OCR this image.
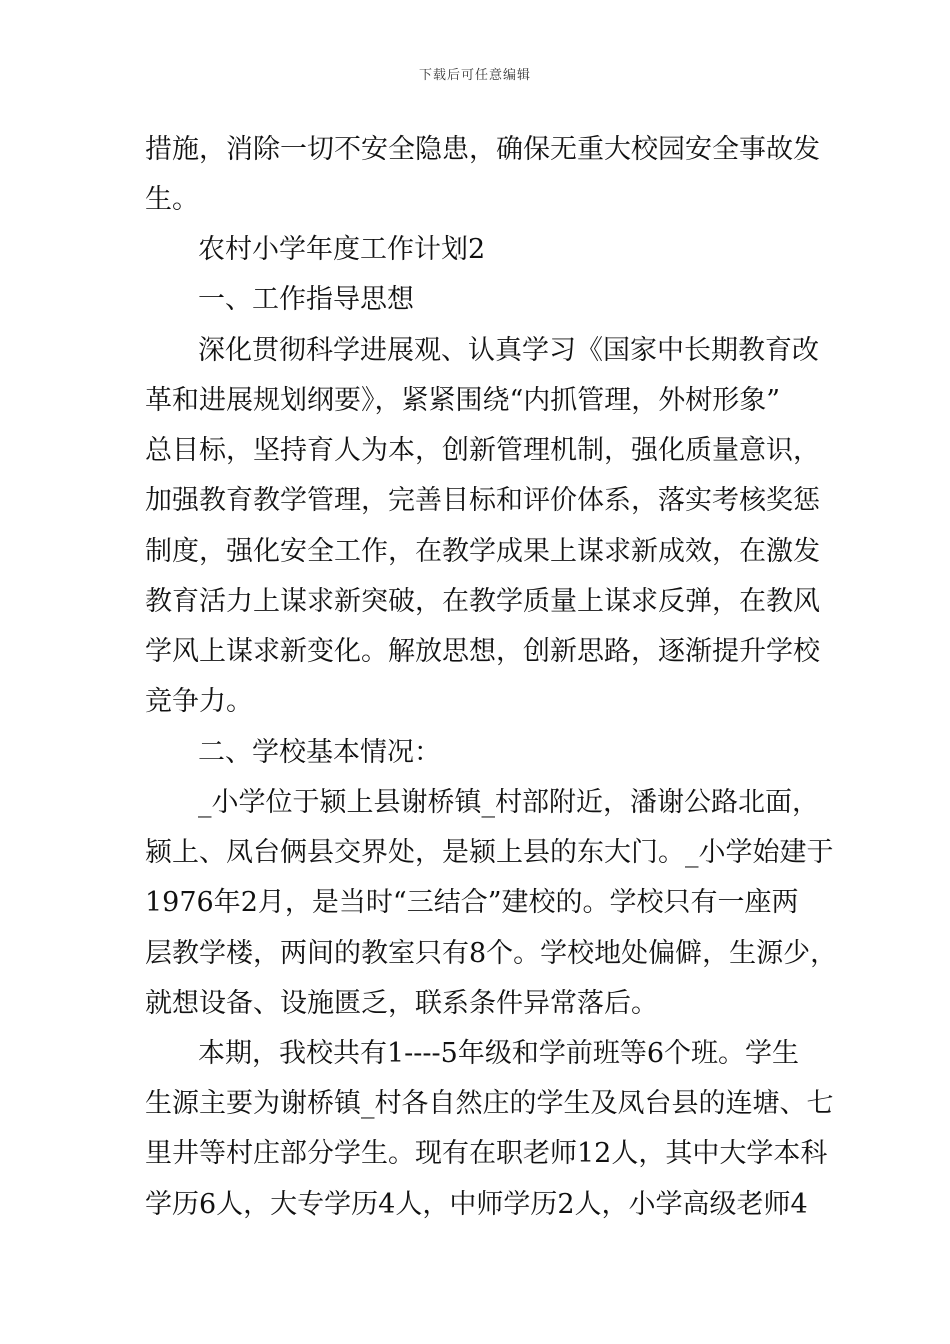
下载后可任意编辑
措施，消除一切不安全隐患，确保无重大校园安全事故发
生。
农村小学年度工作计划2
一、工作指导思想
深化贯彻科学进展观、认真学习《国家中长期教育改
革和进展规划纲要》，紧紧围绕“内抓管理，外树形象”
总目标，坚持育人为本，创新管理机制，强化质量意识，
加强教育教学管理，完善目标和评价体系，落实考核奖惩
制度，强化安全工作，在教学成果上谋求新成效，在激发
教育活力上谋求新突破，在教学质量上谋求反弹，在教风
学风上谋求新变化。解放思想，创新思路，逐渐提升学校
竞争力。
二、学校基本情况：
_小学位于颍上县谢桥镇_村部附近，潘谢公路北面，
颍上、凤台俩县交界处，是颍上县的东大门。_小学始建于
1976年2月，是当时“三结合”建校的。学校只有一座两
层教学楼，两间的教室只有8个。学校地处偏僻，生源少，
就想设备、设施匮乏，联系条件异常落后。
本期，我校共有1----5年级和学前班等6个班。学生
生源主要为谢桥镇_村各自然庄的学生及凤台县的连塘、七
里井等村庄部分学生。现有在职老师12人，其中大学本科
学历6人，大专学历4人，中师学历2人，小学高级老师4
